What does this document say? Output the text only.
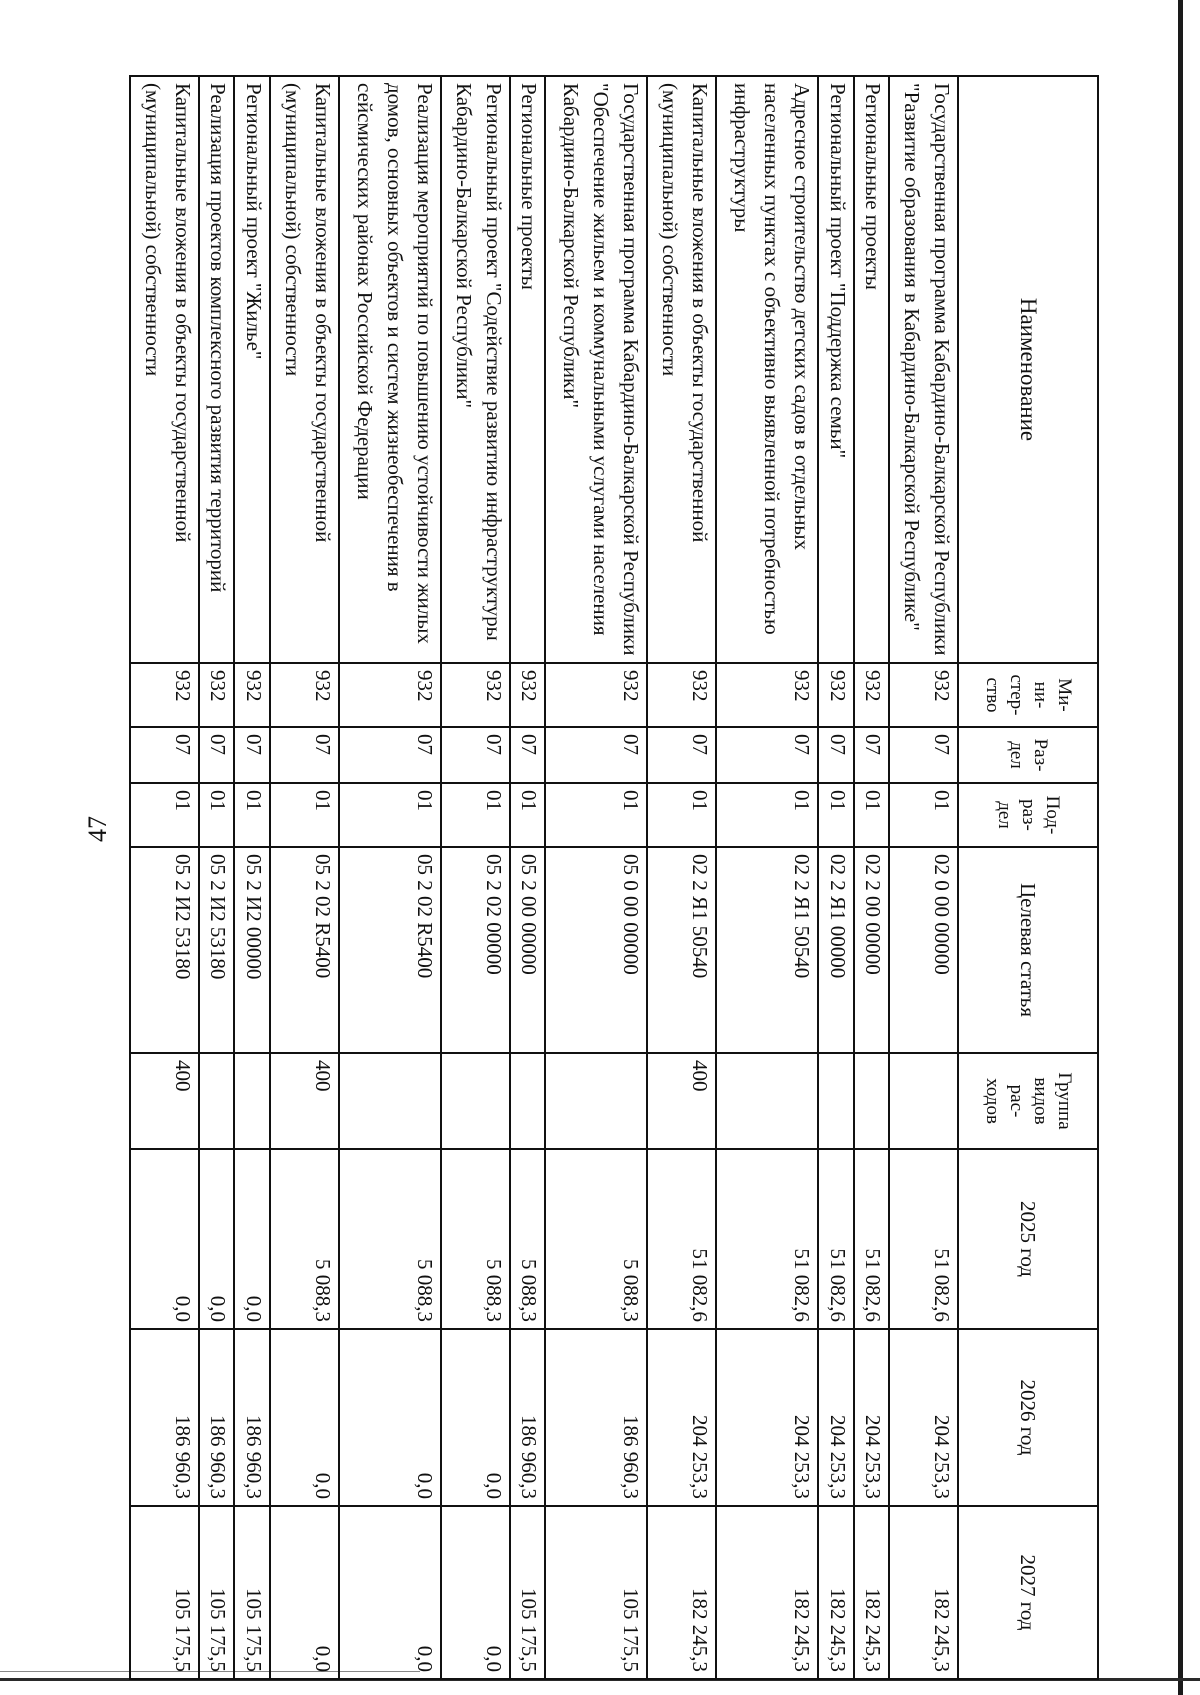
47
Наименование	Ми-
ни-
стер-
ство	Раз-
дел	Под-
раз-
дел	Целевая статья	Группа
видов
рас-
ходов	2025 год	2026 год	2027 год
Государственная программа Кабардино-Балкарской Республики "Развитие образования в Кабардино-Балкарской Республике"	932	07	01	02 0 00 00000		51 082,6	204 253,3	182 245,3
Региональные проекты	932	07	01	02 2 00 00000		51 082,6	204 253,3	182 245,3
Региональный проект "Поддержка семьи"	932	07	01	02 2 Я1 00000		51 082,6	204 253,3	182 245,3
Адресное строительство детских садов в отдельных населенных пунктах с объективно выявленной потребностью инфраструктуры	932	07	01	02 2 Я1 50540		51 082,6	204 253,3	182 245,3
Капитальные вложения в объекты государственной (муниципальной) собственности	932	07	01	02 2 Я1 50540	400	51 082,6	204 253,3	182 245,3
Государственная программа Кабардино-Балкарской Республики "Обеспечение жильем и коммунальными услугами населения Кабардино-Балкарской Республики"	932	07	01	05 0 00 00000		5 088,3	186 960,3	105 175,5
Региональные проекты	932	07	01	05 2 00 00000		5 088,3	186 960,3	105 175,5
Региональный проект "Содействие развитию инфраструктуры Кабардино-Балкарской Республики"	932	07	01	05 2 02 00000		5 088,3	0,0	0,0
Реализация мероприятий по повышению устойчивости жилых домов, основных объектов и систем жизнеобеспечения в сейсмических районах Российской Федерации	932	07	01	05 2 02 R5400		5 088,3	0,0	0,0
Капитальные вложения в объекты государственной (муниципальной) собственности	932	07	01	05 2 02 R5400	400	5 088,3	0,0	0,0
Региональный проект "Жилье"	932	07	01	05 2 И2 00000		0,0	186 960,3	105 175,5
Реализация проектов комплексного развития территорий	932	07	01	05 2 И2 53180		0,0	186 960,3	105 175,5
Капитальные вложения в объекты государственной (муниципальной) собственности	932	07	01	05 2 И2 53180	400	0,0	186 960,3	105 175,5
